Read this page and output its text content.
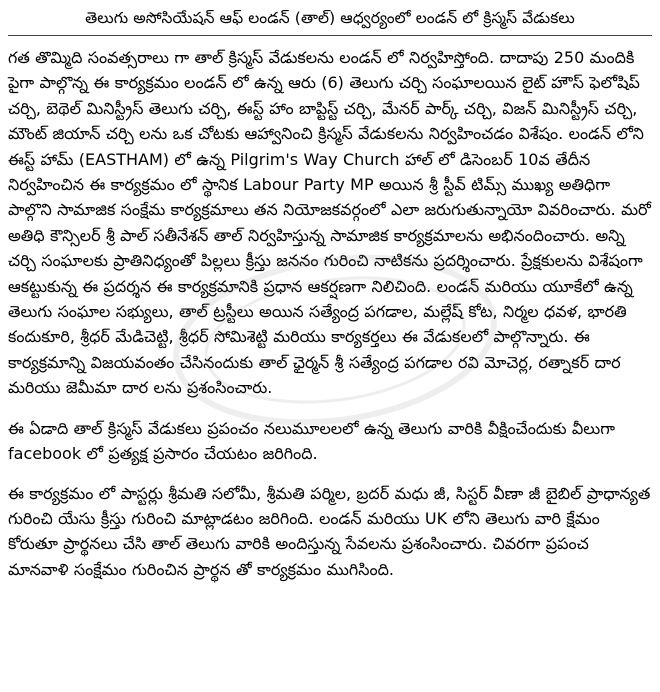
తెలుగు అసోసియేషన్ ఆఫ్ లండన్ (తాల్) ఆధ్వర్యంలో లండన్ లో క్రిస్మస్ వేడుకలు

గత తొమ్మిది సంవత్సరాలు గా తాల్ క్రిస్మస్ వేడుకలను లండన్ లో నిర్వహిస్తోంది. దాదాపు 250 మందికి పైగా పాల్గొన్న ఈ కార్యక్రమం లండన్ లో ఉన్న ఆరు (6) తెలుగు చర్చి సంఘాలయిన లైట్ హౌస్ ఫెలోషిప్ చర్చి, బెథెల్ మినిస్ట్రీస్ తెలుగు చర్చి, ఈస్ట్ హాం బాప్టిస్ట్ చర్చి, మేనర్ పార్క్ చర్చి, విజన్ మినిస్ట్రీస్ చర్చి, మౌంట్ జియాన్ చర్చి లను ఒక చోటకు ఆహ్వానించి క్రిస్మస్ వేడుకలను నిర్వహించడం విశేషం. లండన్ లోని ఈస్ట్ హామ్ (EASTHAM) లో ఉన్న Pilgrim's Way Church హాల్ లో డిసెంబర్ 10వ తేదీన నిర్వహించిన ఈ కార్యక్రమం లో స్థానిక Labour Party MP అయిన శ్రీ స్టీవ్ టిమ్స్ ముఖ్య అతిధిగా పాల్గొని సామాజిక సంక్షేమ కార్యక్రమాలు తన నియోజకవర్గంలో ఎలా జరుగుతున్నాయో వివరించారు. మరో అతిధి కౌన్సిలర్ శ్రీ పాల్ సతీనేశన్ తాల్ నిర్వహిస్తున్న సామాజిక కార్యక్రమాలను అభినందించారు. అన్ని చర్చి సంఘాలకు ప్రాతినిధ్యంతో పిల్లలు క్రీస్తు జననం గురించి నాటికను ప్రదర్శించారు. ప్రేక్షకులను విశేషంగా ఆకట్టుకున్న ఈ ప్రదర్శన ఈ కార్యక్రమానికి ప్రధాన ఆకర్షణగా నిలిచింది. లండన్ మరియు యూకేలో ఉన్న తెలుగు సంఘాల సభ్యులు, తాల్ ట్రస్టీలు అయిన సత్యేంద్ర పగడాల, మల్లేష్ కోట, నిర్మల ధవళ, భారతి కందుకూరి, శ్రీధర్ మేడిచెట్టి, శ్రీధర్ సోమిశెట్టి మరియు కార్యకర్తలు ఈ వేడుకలలో పాల్గొన్నారు. ఈ కార్యక్రమాన్ని విజయవంతం చేసినందుకు తాల్ ఛైర్మన్ శ్రీ సత్యేంద్ర పగడాల రవి మోచెర్ల, రత్నాకర్ దార మరియు జెమీమా దార లను ప్రశంసించారు.

ఈ ఏడాది తాల్ క్రిస్మస్ వేడుకలు ప్రపంచం నలుమూలలలో ఉన్న తెలుగు వారికి వీక్షించేందుకు వీలుగా facebook లో ప్రత్యక్ష ప్రసారం చేయటం జరిగింది.

ఈ కార్యక్రమం లో పాస్టర్లు శ్రీమతి సలోమీ, శ్రీమతి పర్మిల, బ్రదర్ మధు జీ, సిస్టర్ వీణా జీ బైబిల్ ప్రాధాన్యత గురించి యేసు క్రీస్తు గురించి మాట్లాడటం జరిగింది. లండన్ మరియు UK లోని తెలుగు వారి క్షేమం కోరుతూ ప్రార్థనలు చేసి తాల్ తెలుగు వారికి అందిస్తున్న సేవలను ప్రశంసించారు. చివరగా ప్రపంచ మానవాళి సంక్షేమం గురించిన ప్రార్థన తో కార్యక్రమం ముగిసింది.
